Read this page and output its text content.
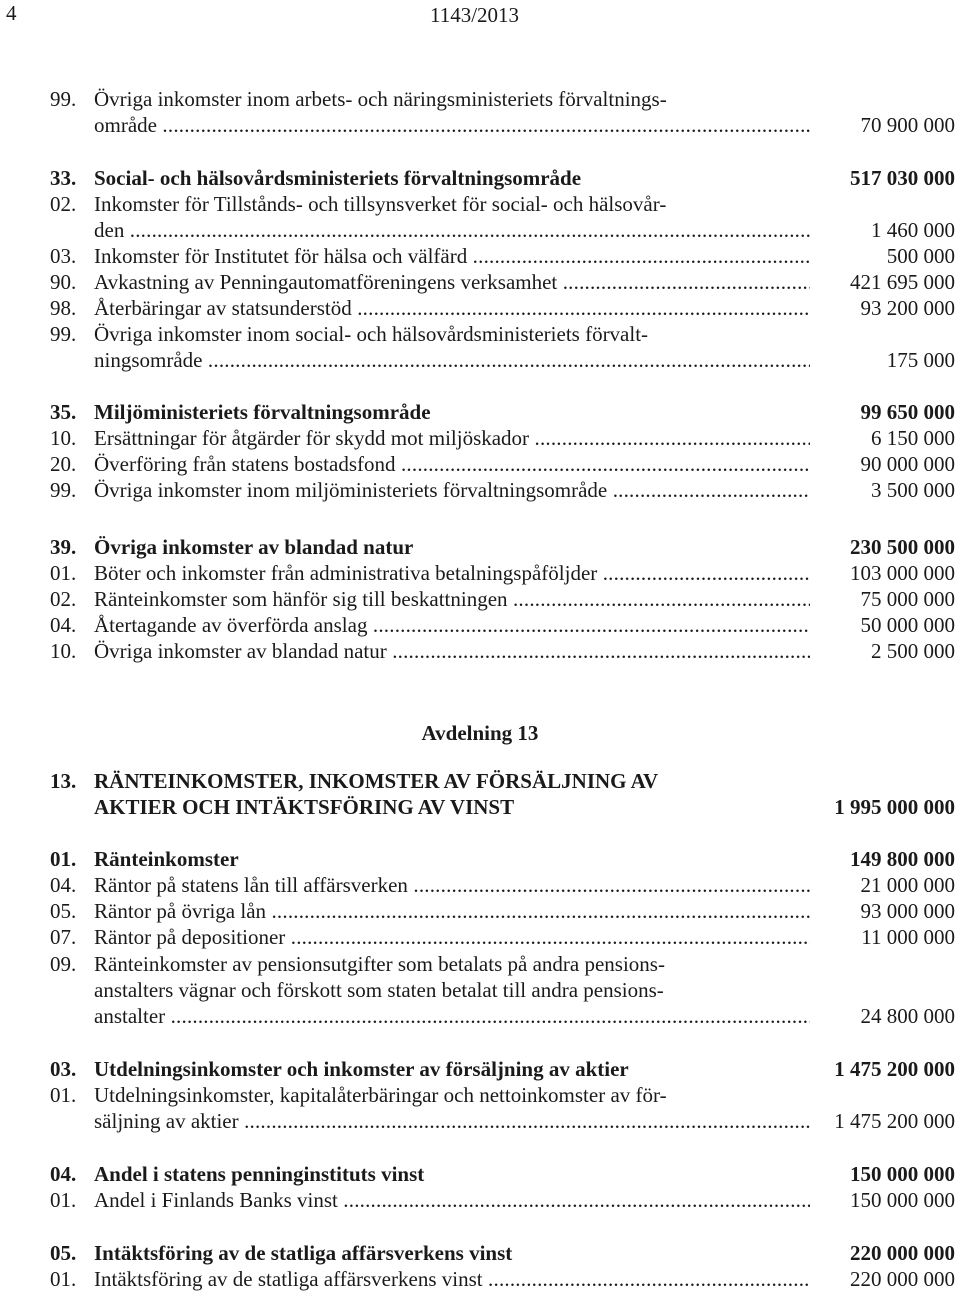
4	1143/2013
99. Övriga inkomster inom arbets- och näringsministeriets förvaltnings-
område .....	70 900 000
33. Social- och hälsovårdsministeriets förvaltningsområde	517 030 000
02. Inkomster för Tillstånds- och tillsynsverket för social- och hälsovår-
den .....	1 460 000
03. Inkomster för Institutet för hälsa och välfärd .....	500 000
90. Avkastning av Penningautomatföreningens verksamhet .....	421 695 000
98. Återbäringar av statsunderstöd .....	93 200 000
99. Övriga inkomster inom social- och hälsovårdsministeriets förvalt-
ningsområde .....	175 000
35. Miljöministeriets förvaltningsområde	99 650 000
10. Ersättningar för åtgärder för skydd mot miljöskador .....	6 150 000
20. Överföring från statens bostadsfond .....	90 000 000
99. Övriga inkomster inom miljöministeriets förvaltningsområde .....	3 500 000
39. Övriga inkomster av blandad natur	230 500 000
01. Böter och inkomster från administrativa betalningspåföljder .....	103 000 000
02. Ränteinkomster som hänför sig till beskattningen .....	75 000 000
04. Återtagande av överförda anslag .....	50 000 000
10. Övriga inkomster av blandad natur .....	2 500 000
13. RÄNTEINKOMSTER, INKOMSTER AV FÖRSÄLJNING AV
AKTIER OCH INTÄKTSFÖRING AV VINST	1 995 000 000
01. Ränteinkomster	149 800 000
04. Räntor på statens lån till affärsverken .....	21 000 000
05. Räntor på övriga lån .....	93 000 000
07. Räntor på depositioner .....	11 000 000
09. Ränteinkomster av pensionsutgifter som betalats på andra pensions-
anstalters vägnar och förskott som staten betalat till andra pensions-
anstalter .....	24 800 000
03. Utdelningsinkomster och inkomster av försäljning av aktier	1 475 200 000
01. Utdelningsinkomster, kapitalåterbäringar och nettoinkomster av för-
säljning av aktier .....	1 475 200 000
04. Andel i statens penninginstituts vinst	150 000 000
01. Andel i Finlands Banks vinst .....	150 000 000
05. Intäktsföring av de statliga affärsverkens vinst	220 000 000
01. Intäktsföring av de statliga affärsverkens vinst .....	220 000 000
Avdelning 13
